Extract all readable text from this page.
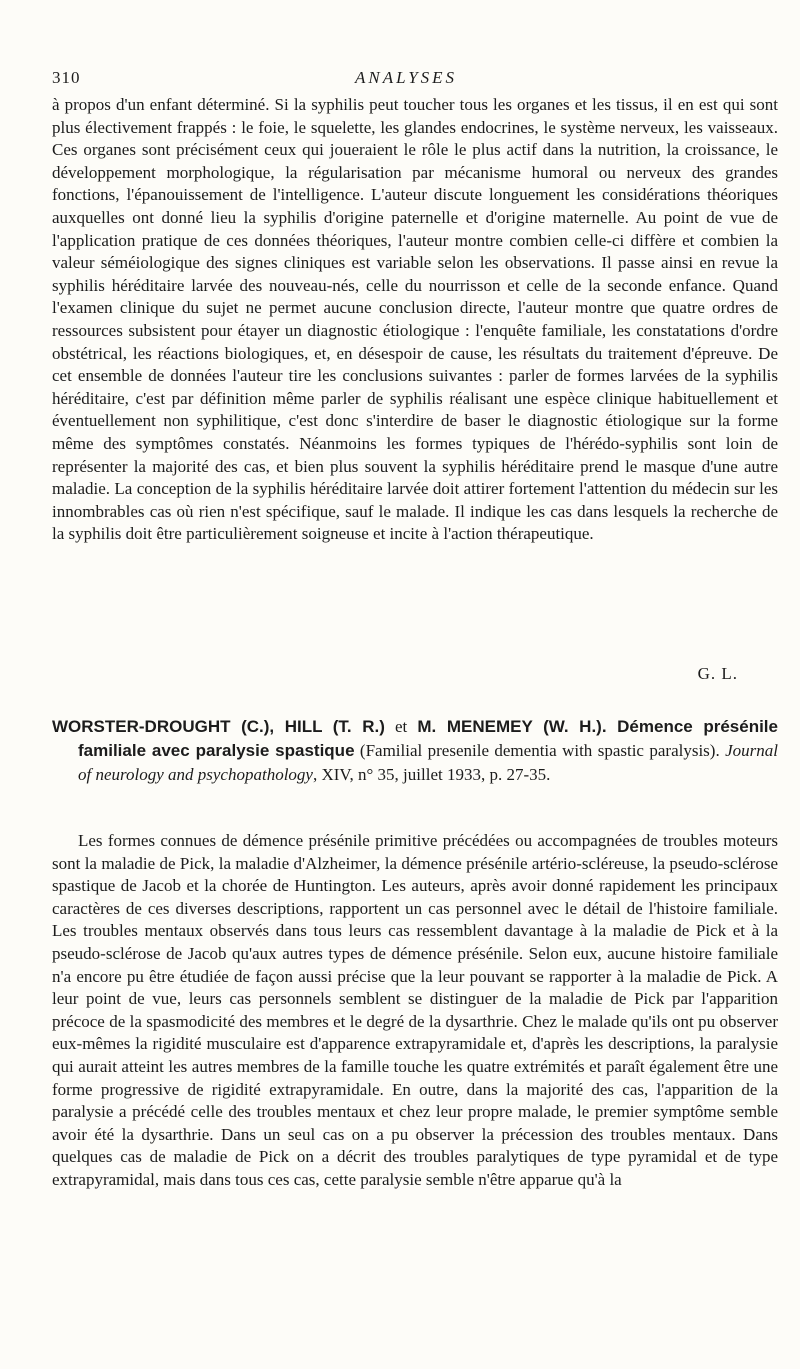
310	ANALYSES

à propos d'un enfant déterminé. Si la syphilis peut toucher tous les organes et les tissus, il en est qui sont plus électivement frappés : le foie, le squelette, les glandes endocrines, le système nerveux, les vaisseaux. Ces organes sont précisément ceux qui joueraient le rôle le plus actif dans la nutrition, la croissance, le développement morphologique, la régularisation par mécanisme humoral ou nerveux des grandes fonctions, l'épanouissement de l'intelligence. L'auteur discute longuement les considérations théoriques auxquelles ont donné lieu la syphilis d'origine paternelle et d'origine maternelle. Au point de vue de l'application pratique de ces données théoriques, l'auteur montre combien celle-ci diffère et combien la valeur séméiologique des signes cliniques est variable selon les observations. Il passe ainsi en revue la syphilis héréditaire larvée des nouveau-nés, celle du nourrisson et celle de la seconde enfance. Quand l'examen clinique du sujet ne permet aucune conclusion directe, l'auteur montre que quatre ordres de ressources subsistent pour étayer un diagnostic étiologique : l'enquête familiale, les constatations d'ordre obstétrical, les réactions biologiques, et, en désespoir de cause, les résultats du traitement d'épreuve. De cet ensemble de données l'auteur tire les conclusions suivantes : parler de formes larvées de la syphilis héréditaire, c'est par définition même parler de syphilis réalisant une espèce clinique habituellement et éventuellement non syphilitique, c'est donc s'interdire de baser le diagnostic étiologique sur la forme même des symptômes constatés. Néanmoins les formes typiques de l'hérédo-syphilis sont loin de représenter la majorité des cas, et bien plus souvent la syphilis héréditaire prend le masque d'une autre maladie. La conception de la syphilis héréditaire larvée doit attirer fortement l'attention du médecin sur les innombrables cas où rien n'est spécifique, sauf le malade. Il indique les cas dans lesquels la recherche de la syphilis doit être particulièrement soigneuse et incite à l'action thérapeutique.

G. L.

WORSTER-DROUGHT (C.), HILL (T. R.) et M. MENEMEY (W. H.). Démence présénile familiale avec paralysie spastique (Familial presenile dementia with spastic paralysis). Journal of neurology and psychopathology, XIV, n° 35, juillet 1933, p. 27-35.

Les formes connues de démence présénile primitive précédées ou accompagnées de troubles moteurs sont la maladie de Pick, la maladie d'Alzheimer, la démence présénile artério-scléreuse, la pseudo-sclérose spastique de Jacob et la chorée de Huntington. Les auteurs, après avoir donné rapidement les principaux caractères de ces diverses descriptions, rapportent un cas personnel avec le détail de l'histoire familiale. Les troubles mentaux observés dans tous leurs cas ressemblent davantage à la maladie de Pick et à la pseudo-sclérose de Jacob qu'aux autres types de démence présénile. Selon eux, aucune histoire familiale n'a encore pu être étudiée de façon aussi précise que la leur pouvant se rapporter à la maladie de Pick. A leur point de vue, leurs cas personnels semblent se distinguer de la maladie de Pick par l'apparition précoce de la spasmodicité des membres et le degré de la dysarthrie. Chez le malade qu'ils ont pu observer eux-mêmes la rigidité musculaire est d'apparence extrapyramidale et, d'après les descriptions, la paralysie qui aurait atteint les autres membres de la famille touche les quatre extrémités et paraît également être une forme progressive de rigidité extrapyramidale. En outre, dans la majorité des cas, l'apparition de la paralysie a précédé celle des troubles mentaux et chez leur propre malade, le premier symptôme semble avoir été la dysarthrie. Dans un seul cas on a pu observer la précession des troubles mentaux. Dans quelques cas de maladie de Pick on a décrit des troubles paralytiques de type pyramidal et de type extrapyramidal, mais dans tous ces cas, cette paralysie semble n'être apparue qu'à la
